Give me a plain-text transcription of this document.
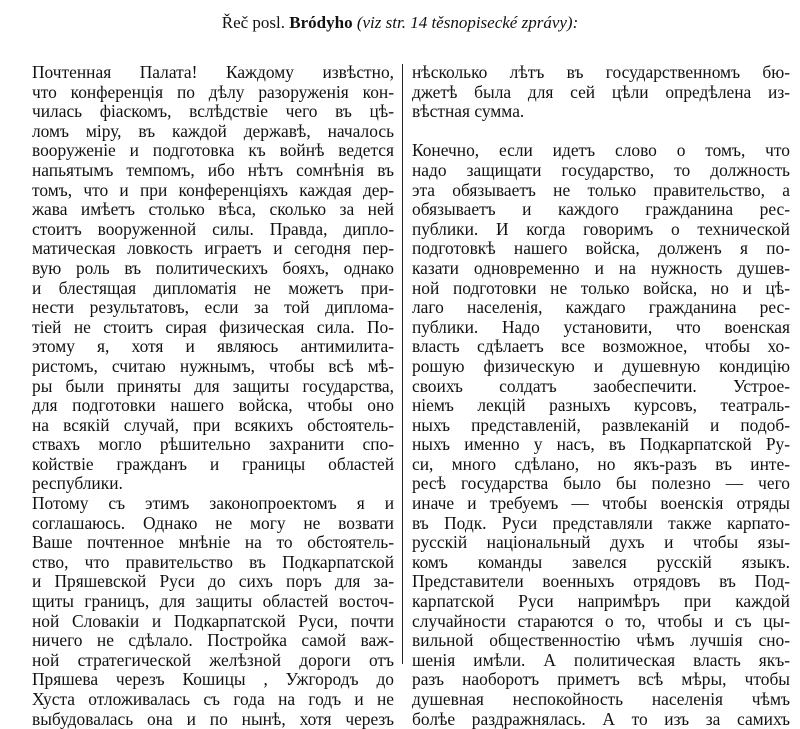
Řeč posl. Bródyho (viz str. 14 těsnopisecké zprávy):
Почтенная Палата! Каждому извѣстно,
что конференція по дѣлу разоруженія кон-
чилась фіаскомъ, вслѣдствіе чего въ цѣ-
ломъ міру, въ каждой державѣ, началось
вооруженіе и подготовка къ войнѣ ведется
напьятымъ темпомъ, ибо нѣтъ сомнѣнія въ
томъ, что и при конференціяхъ каждая дер-
жава имѣетъ столько вѣса, сколько за ней
стоитъ вооруженной силы. Правда, дипло-
матическая ловкость играетъ и сегодня пер-
вую роль въ политическихъ бояхъ, однако
и блестящая дипломатія не можетъ при-
нести результатовъ, если за той диплома-
тіей не стоитъ сирая физическая сила. По-
этому я, хотя и являюсь антимилита-
ристомъ, считаю нужнымъ, чтобы всѣ мѣ-
ры были приняты для защиты государства,
для подготовки нашего войска, чтобы оно
на всякій случай, при всякихъ обстоятель-
ствахъ могло рѣшительно захранити спо-
койствіе гражданъ и границы областей
республики.
Потому съ этимъ законопроектомъ я и
соглашаюсь. Однако не могу не возвати
Ваше почтенное мнѣніе на то обстоятель-
ство, что правительство въ Подкарпатской
и Пряшевской Руси до сихъ поръ для за-
щиты границъ, для защиты областей восточ-
ной Словакіи и Подкарпатской Руси, почти
ничего не сдѣлало. Постройка самой важ-
ной стратегической желѣзной дороги отъ
Пряшева черезъ Кошицы , Ужгородъ до
Хуста отложивалась съ года на годъ и не
выбудовалась она и по нынѣ, хотя черезъ
нѣсколько лѣтъ въ государственномъ бю-
джетѣ была для сей цѣли опредѣлена из-
вѣстная сумма.
Конечно, если идетъ слово о томъ, что
надо защищати государство, то должность
эта обязываетъ не только правительство, а
обязываетъ и каждого гражданина рес-
публики. И когда говоримъ о технической
подготовкѣ нашего войска, долженъ я по-
казати одновременно и на нужность душев-
ной подготовки не только войска, но и цѣ-
лаго населенія, каждаго гражданина рес-
публики. Надо установити, что военская
власть сдѣлаетъ все возможное, чтобы хо-
рошую физическую и душевную кондицію
своихъ солдатъ заобеспечити. Устрое-
ніемъ лекцій разныхъ курсовъ, театраль-
ныхъ представленій, развлеканій и подоб-
ныхъ именно у насъ, въ Подкарпатской Ру-
си, много сдѣлано, но якъ-разъ въ инте-
ресѣ государства было бы полезно — чего
иначе и требуемъ — чтобы военскія отряды
въ Подк. Руси представляли также карпато-
русскій національный духъ и чтобы язы-
комъ команды завелся русскій языкъ.
Представители военныхъ отрядовъ въ Под-
карпатской Руси напримѣръ при каждой
случайности стараются о то, чтобы и съ цы-
вильной общественностію чѣмъ лучшія сно-
шенія имѣли. А политическая власть якъ-
разъ наоборотъ приметъ всѣ мѣры, чтобы
душевная неспокойность населенія чѣмъ
болѣе раздражнялась. А то изъ за самихъ
